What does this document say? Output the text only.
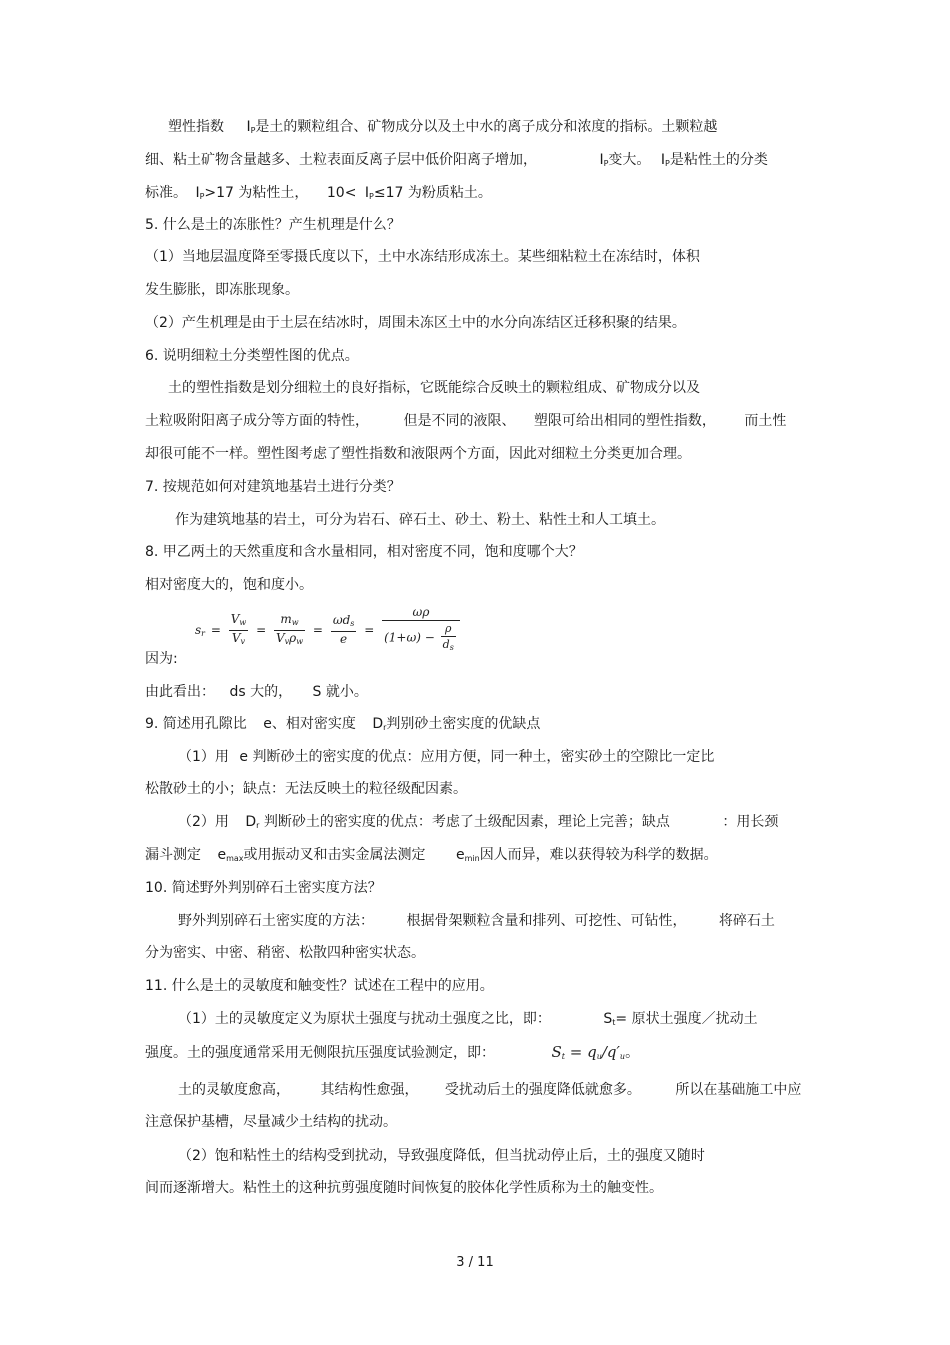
塑性指数 $I_P$是土的颗粒组合、矿物成分以及土中水的离子成分和浓度的指标。土颗粒越
细、粘土矿物含量越多、土粒表面反离子层中低价阳离子增加，	$I_P$变大。 $I_P$是粘性土的分类
标准。 $I_P>17$ 为粘性土， $10< I_P\le 17$ 为粉质粘土。
5. 什么是土的冻胀性？产生机理是什么？
（1）当地层温度降至零摄氏度以下，土中水冻结形成冻土。某些细粘粒土在冻结时，体积
发生膨胀，即冻胀现象。
（2）产生机理是由于土层在结冰时，周围未冻区土中的水分向冻结区迁移积聚的结果。
6. 说明细粒土分类塑性图的优点。
土的塑性指数是划分细粒土的良好指标，它既能综合反映土的颗粒组成、矿物成分以及
土粒吸附阳离子成分等方面的特性， 但是不同的液限、 塑限可给出相同的塑性指数， 而土性
却很可能不一样。塑性图考虑了塑性指数和液限两个方面，因此对细粒土分类更加合理。
7. 按规范如何对建筑地基岩土进行分类？
作为建筑地基的岩土，可分为岩石、碎石土、砂土、粉土、粘性土和人工填土。
8. 甲乙两土的天然重度和含水量相同，相对密度不同，饱和度哪个大？
相对密度大的，饱和度小。
$s_r = \frac{V_w}{V_v} = \frac{m_w}{V_v\rho_w} = \frac{\omega d_s}{e} = \frac{\omega\rho}{(1+\omega) - \frac{\rho}{d_s}}$
因为:
由此看出： ds 大的， S 就小。
9. 简述用孔隙比 e、相对密实度 $D_r$判别砂土密实度的优缺点
（1）用 e 判断砂土的密实度的优点：应用方便，同一种土，密实砂土的空隙比一定比
松散砂土的小；缺点：无法反映土的粒径级配因素。
（2）用 $D_r$ 判断砂土的密实度的优点：考虑了土级配因素，理论上完善；缺点	：用长颈
漏斗测定 $e_{max}$或用振动叉和击实金属法测定 $e_{min}$因人而异，难以获得较为科学的数据。
10. 简述野外判别碎石土密实度方法？
野外判别碎石土密实度的方法： 根据骨架颗粒含量和排列、可挖性、可钻性， 将碎石土
分为密实、中密、稍密、松散四种密实状态。
11. 什么是土的灵敏度和触变性？试述在工程中的应用。
（1）土的灵敏度定义为原状土强度与扰动土强度之比，即：	$S_t=$ 原状土强度／扰动土
强度。土的强度通常采用无侧限抗压强度试验测定，即：	$S_t = q_u/q'_u$。
土的灵敏度愈高， 其结构性愈强， 受扰动后土的强度降低就愈多。 所以在基础施工中应
注意保护基槽，尽量减少土结构的扰动。
（2）饱和粘性土的结构受到扰动，导致强度降低，但当扰动停止后，土的强度又随时
间而逐渐增大。粘性土的这种抗剪强度随时间恢复的胶体化学性质称为土的触变性。
3 / 11
